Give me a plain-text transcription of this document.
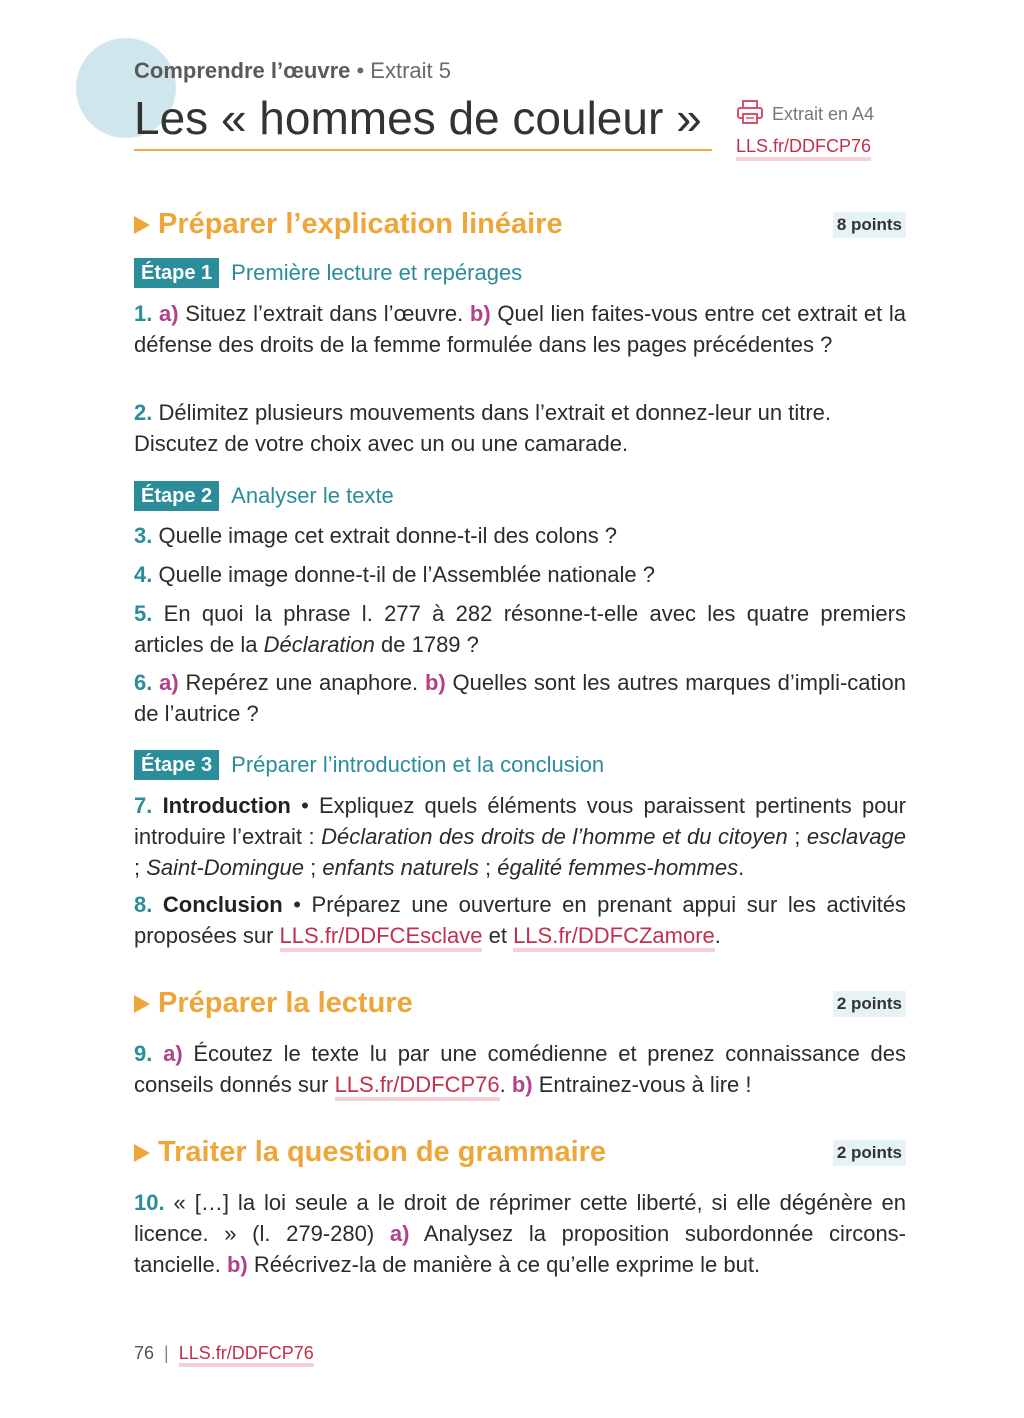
Comprendre l’œuvre • Extrait 5
Les « hommes de couleur »	Extrait en A4
LLS.fr/DDFCP76
Préparer l’explication linéaire	8 points
Étape 1 Première lecture et repérages
1. a) Situez l’extrait dans l’œuvre. b) Quel lien faites-vous entre cet extrait et la défense des droits de la femme formulée dans les pages précédentes ?
2. Délimitez plusieurs mouvements dans l’extrait et donnez-leur un titre. Discutez de votre choix avec un ou une camarade.
Étape 2 Analyser le texte
3. Quelle image cet extrait donne-t-il des colons ?
4. Quelle image donne-t-il de l’Assemblée nationale ?
5. En quoi la phrase l. 277 à 282 résonne-t-elle avec les quatre premiers articles de la Déclaration de 1789 ?
6. a) Repérez une anaphore. b) Quelles sont les autres marques d’impli-cation de l’autrice ?
Étape 3 Préparer l’introduction et la conclusion
7. Introduction • Expliquez quels éléments vous paraissent pertinents pour introduire l’extrait : Déclaration des droits de l’homme et du citoyen ; esclavage ; Saint-Domingue ; enfants naturels ; égalité femmes-hommes.
8. Conclusion • Préparez une ouverture en prenant appui sur les activités proposées sur LLS.fr/DDFCEsclave et LLS.fr/DDFCZamore.
Préparer la lecture	2 points
9. a) Écoutez le texte lu par une comédienne et prenez connaissance des conseils donnés sur LLS.fr/DDFCP76. b) Entrainez-vous à lire !
Traiter la question de grammaire	2 points
10. « […] la loi seule a le droit de réprimer cette liberté, si elle dégénère en licence. » (l. 279-280) a) Analysez la proposition subordonnée circons-tancielle. b) Réécrivez-la de manière à ce qu’elle exprime le but.
76 | LLS.fr/DDFCP76
